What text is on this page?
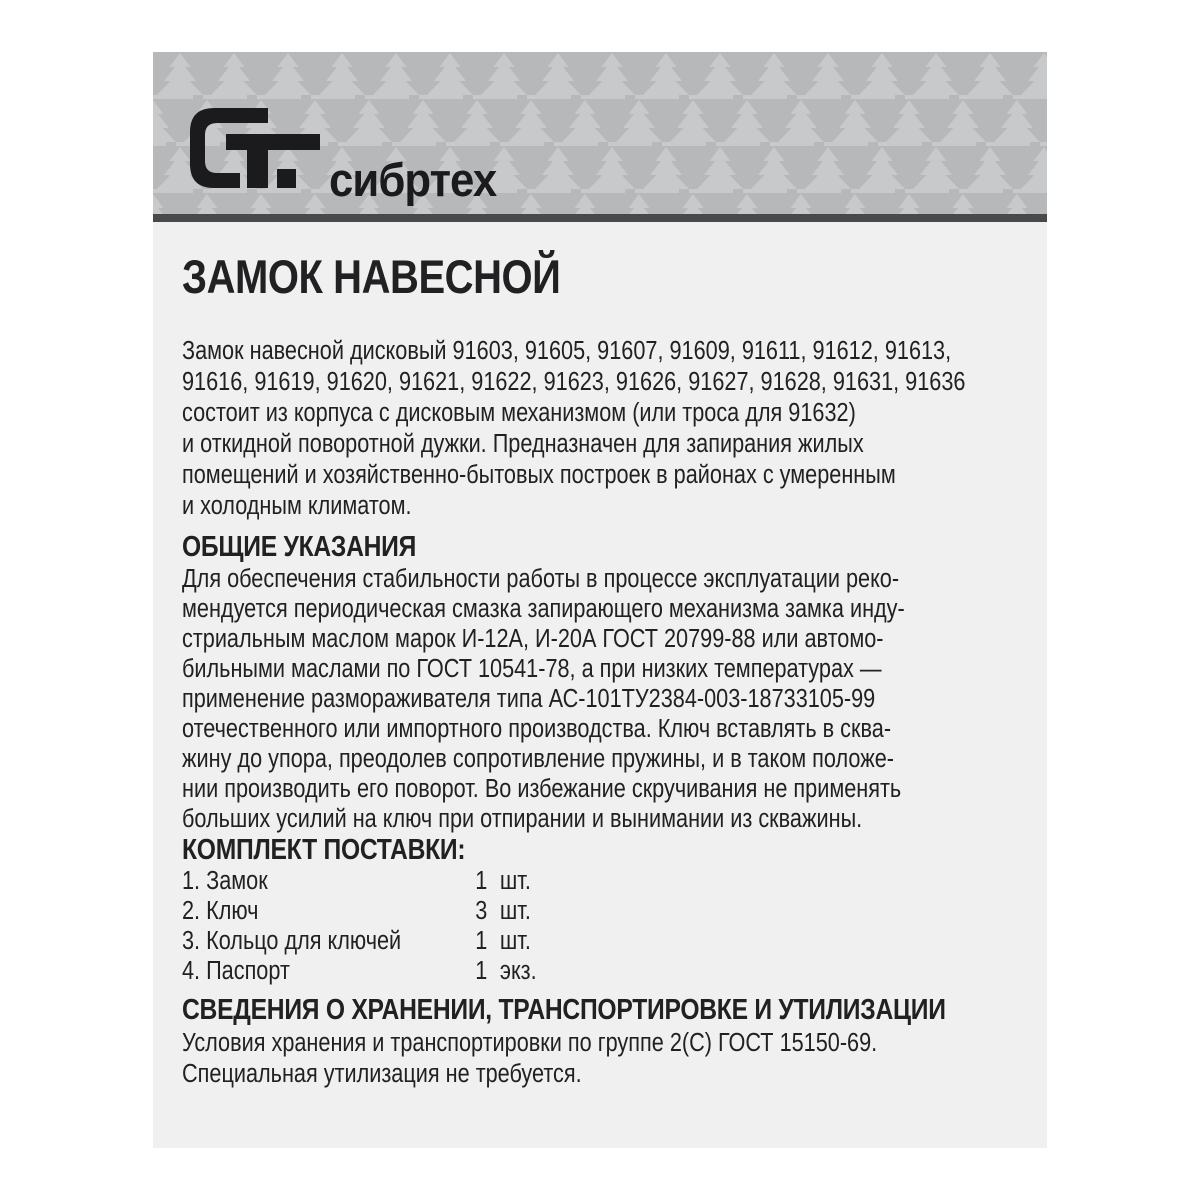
сибртех
ЗАМОК НАВЕСНОЙ
Замок навесной дисковый 91603, 91605, 91607, 91609, 91611, 91612, 91613,
91616, 91619, 91620, 91621, 91622, 91623, 91626, 91627, 91628, 91631, 91636
состоит из корпуса с дисковым механизмом (или троса для 91632)
и откидной поворотной дужки. Предназначен для запирания жилых
помещений и хозяйственно-бытовых построек в районах с умеренным
и холодным климатом.
ОБЩИЕ УКАЗАНИЯ
Для обеспечения стабильности работы в процессе эксплуатации реко-
мендуется периодическая смазка запирающего механизма замка инду-
стриальным маслом марок И-12А, И-20А ГОСТ 20799-88 или автомо-
бильными маслами по ГОСТ 10541-78, а при низких температурах —
применение размораживателя типа АС-101ТУ2384-003-18733105-99
отечественного или импортного производства. Ключ вставлять в сква-
жину до упора, преодолев сопротивление пружины, и в таком положе-
нии производить его поворот. Во избежание скручивания не применять
больших усилий на ключ при отпирании и вынимании из скважины.
КОМПЛЕКТ ПОСТАВКИ:
1. Замок	1 шт.
2. Ключ	3 шт.
3. Кольцо для ключей	1 шт.
4. Паспорт	1 экз.
СВЕДЕНИЯ О ХРАНЕНИИ, ТРАНСПОРТИРОВКЕ И УТИЛИЗАЦИИ
Условия хранения и транспортировки по группе 2(С) ГОСТ 15150-69.
Специальная утилизация не требуется.
